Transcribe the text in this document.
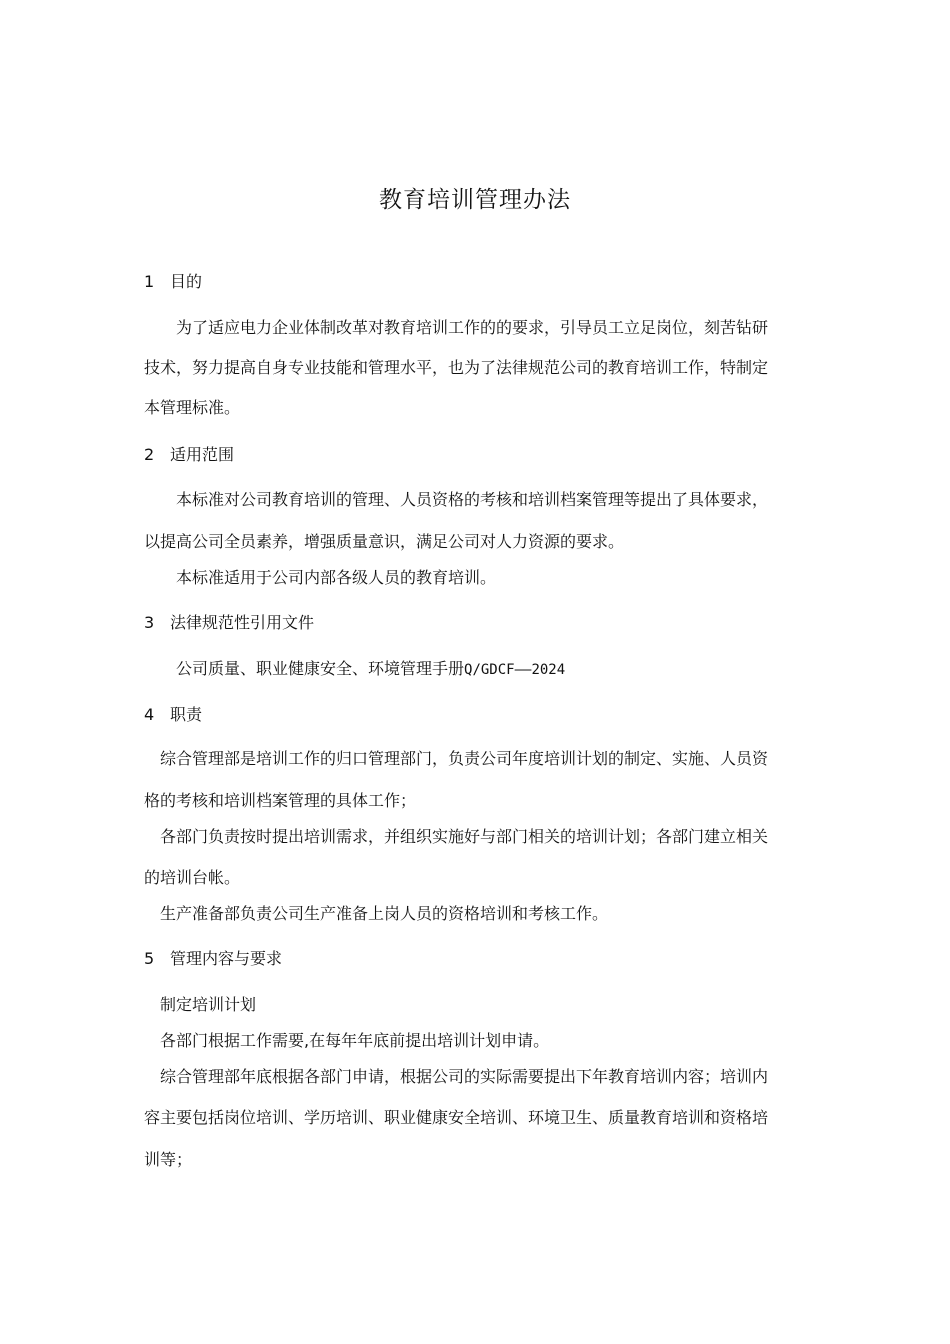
教育培训管理办法
1 目的

为了适应电力企业体制改革对教育培训工作的的要求，引导员工立足岗位，刻苦钻研

技术，努力提高自身专业技能和管理水平，也为了法律规范公司的教育培训工作，特制定

本管理标准。

2 适用范围

本标准对公司教育培训的管理、人员资格的考核和培训档案管理等提出了具体要求，

以提高公司全员素养，增强质量意识，满足公司对人力资源的要求。

本标准适用于公司内部各级人员的教育培训。

3 法律规范性引用文件

公司质量、职业健康安全、环境管理手册Q/GDCF——2024

4 职责

综合管理部是培训工作的归口管理部门，负责公司年度培训计划的制定、实施、人员资

格的考核和培训档案管理的具体工作；

各部门负责按时提出培训需求，并组织实施好与部门相关的培训计划；各部门建立相关

的培训台帐。

生产准备部负责公司生产准备上岗人员的资格培训和考核工作。

5 管理内容与要求

制定培训计划

各部门根据工作需要,在每年年底前提出培训计划申请。

综合管理部年底根据各部门申请，根据公司的实际需要提出下年教育培训内容；培训内

容主要包括岗位培训、学历培训、职业健康安全培训、环境卫生、质量教育培训和资格培

训等；
